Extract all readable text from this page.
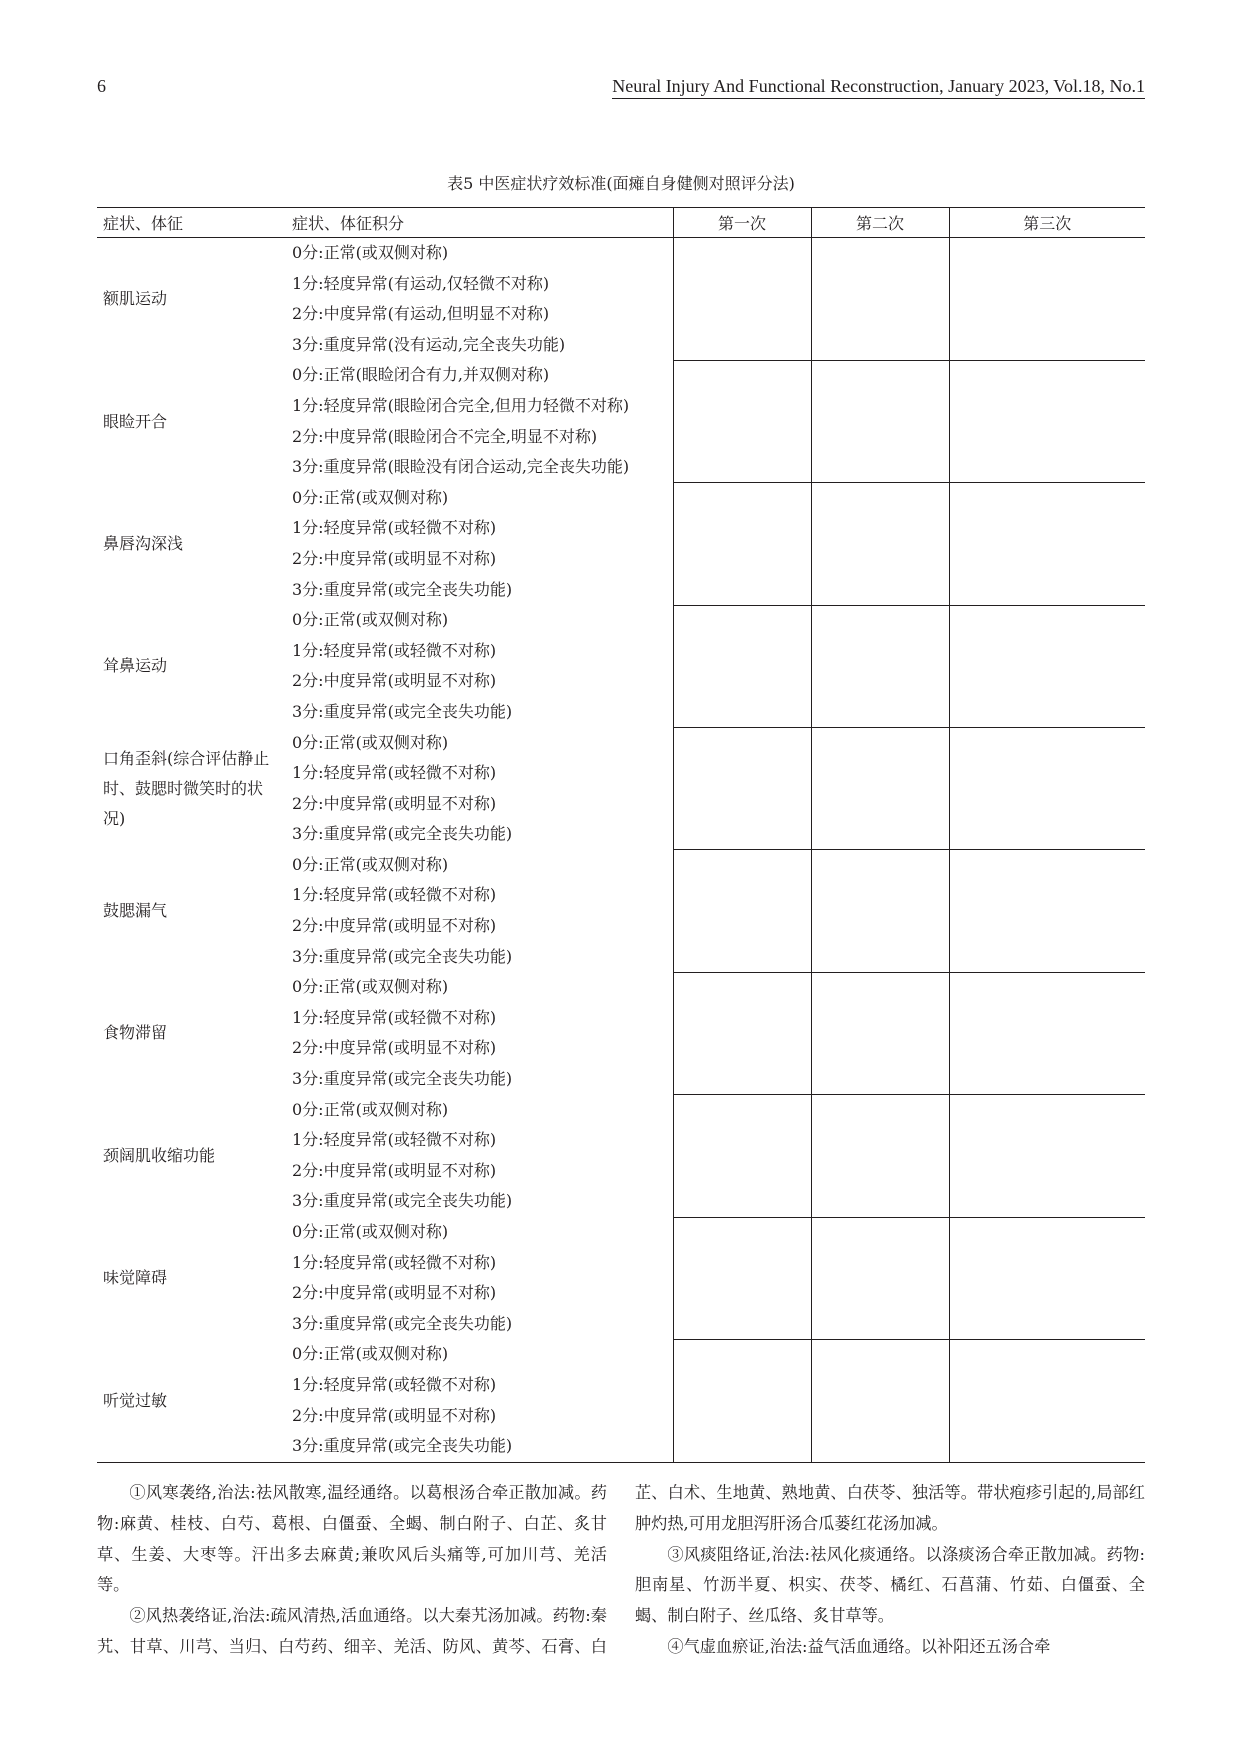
6	Neural Injury And Functional Reconstruction, January 2023, Vol.18, No.1
表5 中医症状疗效标准(面瘫自身健侧对照评分法)
症状、体征	症状、体征积分	第一次	第二次	第三次
额肌运动	0分:正常(或双侧对称)
1分:轻度异常(有运动,仅轻微不对称)
2分:中度异常(有运动,但明显不对称)
3分:重度异常(没有运动,完全丧失功能)			

眼睑开合	0分:正常(眼睑闭合有力,并双侧对称)
1分:轻度异常(眼睑闭合完全,但用力轻微不对称)
2分:中度异常(眼睑闭合不完全,明显不对称)
3分:重度异常(眼睑没有闭合运动,完全丧失功能)			

鼻唇沟深浅	0分:正常(或双侧对称)
1分:轻度异常(或轻微不对称)
2分:中度异常(或明显不对称)
3分:重度异常(或完全丧失功能)			

耸鼻运动	0分:正常(或双侧对称)
1分:轻度异常(或轻微不对称)
2分:中度异常(或明显不对称)
3分:重度异常(或完全丧失功能)			

口角歪斜(综合评估静止时、鼓腮时微笑时的状况)	0分:正常(或双侧对称)
1分:轻度异常(或轻微不对称)
2分:中度异常(或明显不对称)
3分:重度异常(或完全丧失功能)			

鼓腮漏气	0分:正常(或双侧对称)
1分:轻度异常(或轻微不对称)
2分:中度异常(或明显不对称)
3分:重度异常(或完全丧失功能)			

食物滞留	0分:正常(或双侧对称)
1分:轻度异常(或轻微不对称)
2分:中度异常(或明显不对称)
3分:重度异常(或完全丧失功能)			

颈阔肌收缩功能	0分:正常(或双侧对称)
1分:轻度异常(或轻微不对称)
2分:中度异常(或明显不对称)
3分:重度异常(或完全丧失功能)			

味觉障碍	0分:正常(或双侧对称)
1分:轻度异常(或轻微不对称)
2分:中度异常(或明显不对称)
3分:重度异常(或完全丧失功能)			

听觉过敏	0分:正常(或双侧对称)
1分:轻度异常(或轻微不对称)
2分:中度异常(或明显不对称)
3分:重度异常(或完全丧失功能)			

①风寒袭络,治法:祛风散寒,温经通络。以葛根汤合牵正散加减。药物:麻黄、桂枝、白芍、葛根、白僵蚕、全蝎、制白附子、白芷、炙甘草、生姜、大枣等。汗出多去麻黄;兼吹风后头痛等,可加川芎、羌活等。

②风热袭络证,治法:疏风清热,活血通络。以大秦艽汤加减。药物:秦艽、甘草、川芎、当归、白芍药、细辛、羌活、防风、黄芩、石膏、白芷、白术、生地黄、熟地黄、白茯苓、独活等。带状疱疹引起的,局部红肿灼热,可用龙胆泻肝汤合瓜蒌红花汤加减。

③风痰阻络证,治法:祛风化痰通络。以涤痰汤合牵正散加减。药物:胆南星、竹沥半夏、枳实、茯苓、橘红、石菖蒲、竹茹、白僵蚕、全蝎、制白附子、丝瓜络、炙甘草等。

④气虚血瘀证,治法:益气活血通络。以补阳还五汤合牵
